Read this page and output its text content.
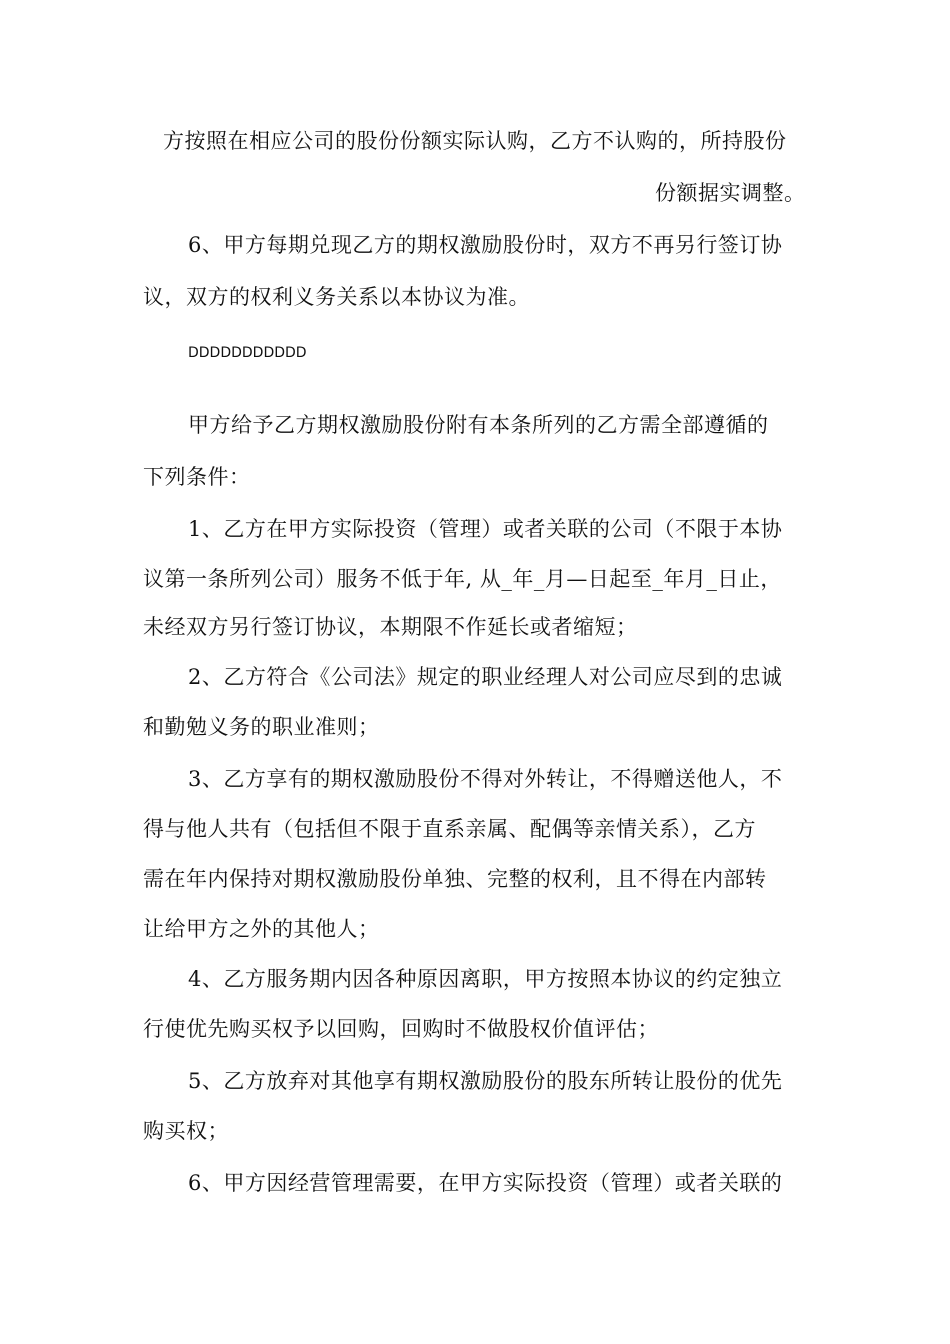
方按照在相应公司的股份份额实际认购，乙方不认购的，所持股份
份额据实调整。
6、甲方每期兑现乙方的期权激励股份时，双方不再另行签订协
议，双方的权利义务关系以本协议为准。
DDDDDDDDDDD
甲方给予乙方期权激励股份附有本条所列的乙方需全部遵循的
下列条件：
1、乙方在甲方实际投资（管理）或者关联的公司（不限于本协
议第一条所列公司）服务不低于年, 从_年_月—日起至_年月_日止，
未经双方另行签订协议，本期限不作延长或者缩短；
2、乙方符合《公司法》规定的职业经理人对公司应尽到的忠诚
和勤勉义务的职业准则；
3、乙方享有的期权激励股份不得对外转让，不得赠送他人，不
得与他人共有（包括但不限于直系亲属、配偶等亲情关系），乙方
需在年内保持对期权激励股份单独、完整的权利，且不得在内部转
让给甲方之外的其他人；
4、乙方服务期内因各种原因离职，甲方按照本协议的约定独立
行使优先购买权予以回购，回购时不做股权价值评估；
5、乙方放弃对其他享有期权激励股份的股东所转让股份的优先
购买权；
6、甲方因经营管理需要，在甲方实际投资（管理）或者关联的
